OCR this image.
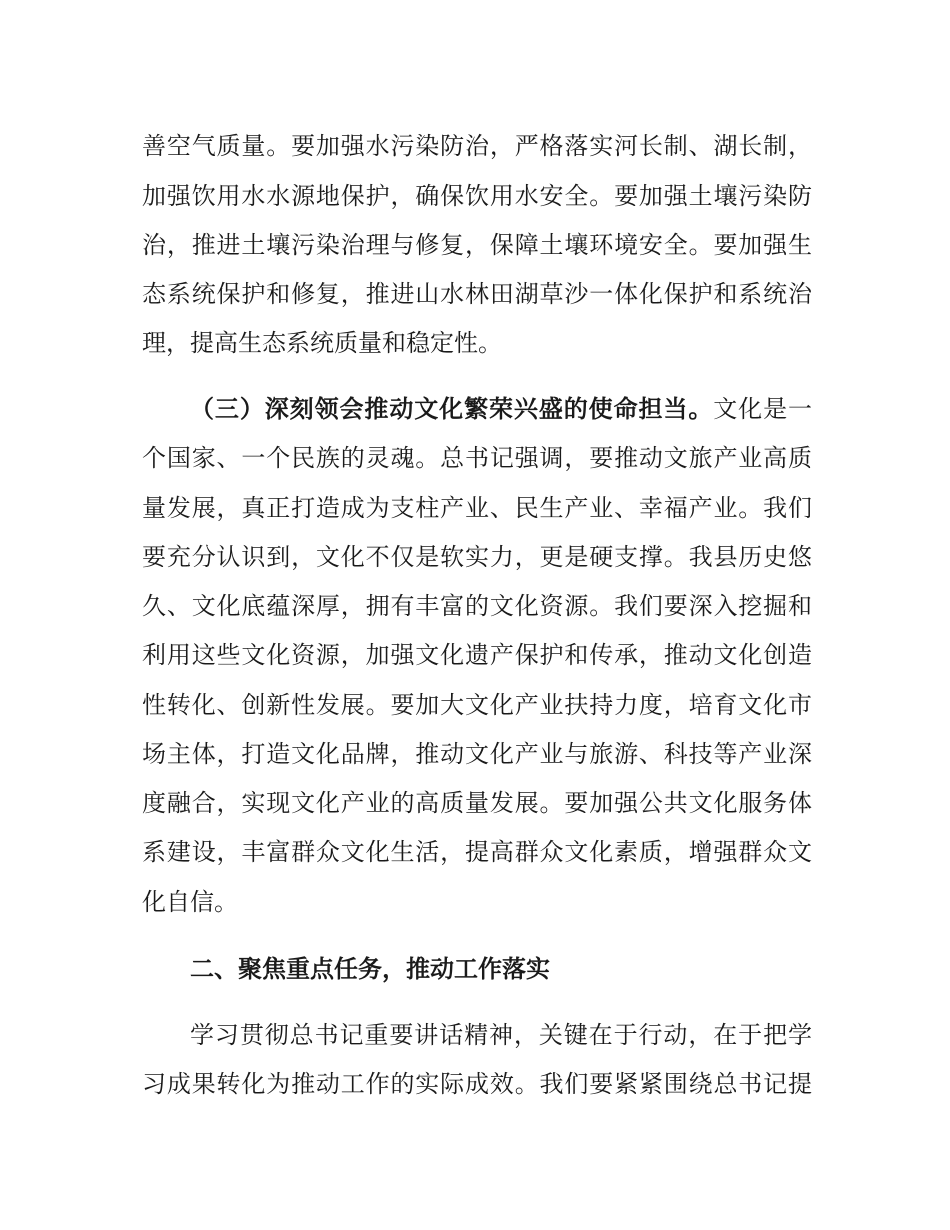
善空气质量。要加强水污染防治，严格落实河长制、湖长制，
加强饮用水水源地保护，确保饮用水安全。要加强土壤污染防
治，推进土壤污染治理与修复，保障土壤环境安全。要加强生
态系统保护和修复，推进山水林田湖草沙一体化保护和系统治
理，提高生态系统质量和稳定性。
（三）深刻领会推动文化繁荣兴盛的使命担当。文化是一
个国家、一个民族的灵魂。总书记强调，要推动文旅产业高质
量发展，真正打造成为支柱产业、民生产业、幸福产业。我们
要充分认识到，文化不仅是软实力，更是硬支撑。我县历史悠
久、文化底蕴深厚，拥有丰富的文化资源。我们要深入挖掘和
利用这些文化资源，加强文化遗产保护和传承，推动文化创造
性转化、创新性发展。要加大文化产业扶持力度，培育文化市
场主体，打造文化品牌，推动文化产业与旅游、科技等产业深
度融合，实现文化产业的高质量发展。要加强公共文化服务体
系建设，丰富群众文化生活，提高群众文化素质，增强群众文
化自信。
二、聚焦重点任务，推动工作落实
学习贯彻总书记重要讲话精神，关键在于行动，在于把学
习成果转化为推动工作的实际成效。我们要紧紧围绕总书记提
